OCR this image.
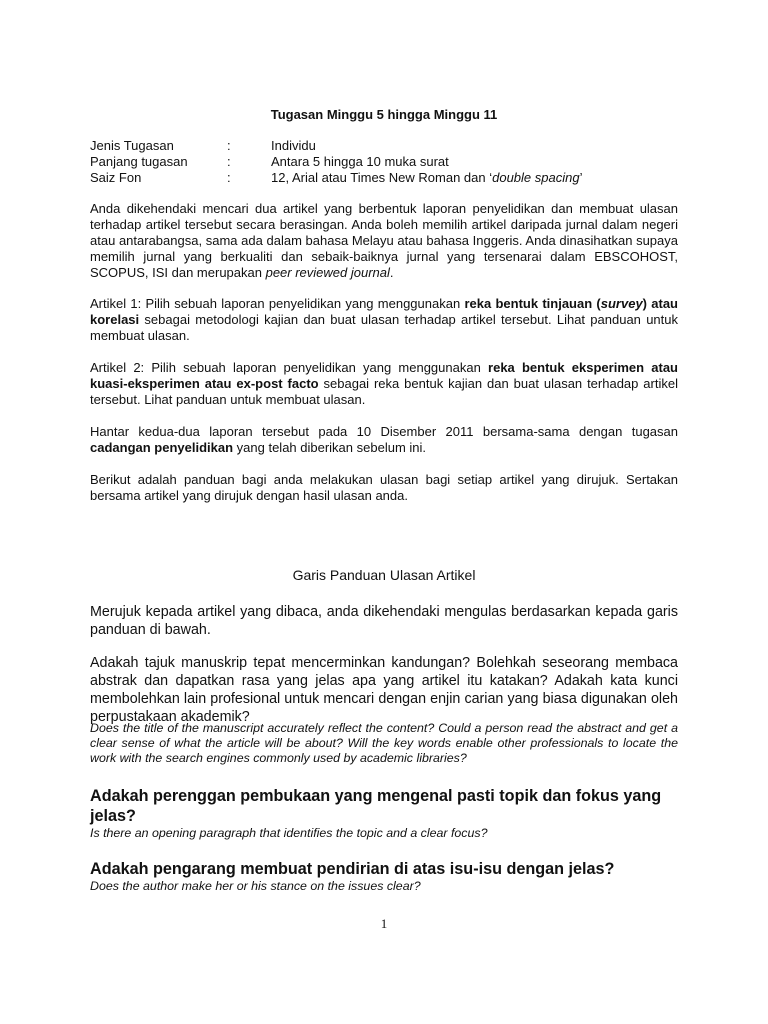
Tugasan Minggu 5 hingga Minggu 11
Jenis Tugasan	:	Individu
Panjang tugasan	:	Antara 5 hingga 10 muka surat
Saiz Fon	:	12, Arial atau Times New Roman dan ‘double spacing’

Anda dikehendaki mencari dua artikel yang berbentuk laporan penyelidikan dan membuat ulasan terhadap artikel tersebut secara berasingan. Anda boleh memilih artikel daripada jurnal dalam negeri atau antarabangsa, sama ada dalam bahasa Melayu atau bahasa Inggeris. Anda dinasihatkan supaya memilih jurnal yang berkualiti dan sebaik-baiknya jurnal yang tersenarai dalam EBSCOHOST, SCOPUS, ISI dan merupakan peer reviewed journal.

Artikel 1: Pilih sebuah laporan penyelidikan yang menggunakan reka bentuk tinjauan (survey) atau korelasi sebagai metodologi kajian dan buat ulasan terhadap artikel tersebut. Lihat panduan untuk membuat ulasan.

Artikel 2: Pilih sebuah laporan penyelidikan yang menggunakan reka bentuk eksperimen atau kuasi-eksperimen atau ex-post facto sebagai reka bentuk kajian dan buat ulasan terhadap artikel tersebut. Lihat panduan untuk membuat ulasan.

Hantar kedua-dua laporan tersebut pada 10 Disember 2011 bersama-sama dengan tugasan cadangan penyelidikan yang telah diberikan sebelum ini.

Berikut adalah panduan bagi anda melakukan ulasan bagi setiap artikel yang dirujuk. Sertakan bersama artikel yang dirujuk dengan hasil ulasan anda.

Garis Panduan Ulasan Artikel

Merujuk kepada artikel yang dibaca, anda dikehendaki mengulas berdasarkan kepada garis panduan di bawah.

Adakah tajuk manuskrip tepat mencerminkan kandungan? Bolehkah seseorang membaca abstrak dan dapatkan rasa yang jelas apa yang artikel itu katakan? Adakah kata kunci membolehkan lain profesional untuk mencari dengan enjin carian yang biasa digunakan oleh perpustakaan akademik?

Does the title of the manuscript accurately reflect the content? Could a person read the abstract and get a clear sense of what the article will be about? Will the key words enable other professionals to locate the work with the search engines commonly used by academic libraries?

Adakah perenggan pembukaan yang mengenal pasti topik dan fokus yang jelas?

Is there an opening paragraph that identifies the topic and a clear focus?

Adakah pengarang membuat pendirian di atas isu-isu dengan jelas?

Does the author make her or his stance on the issues clear?

1
